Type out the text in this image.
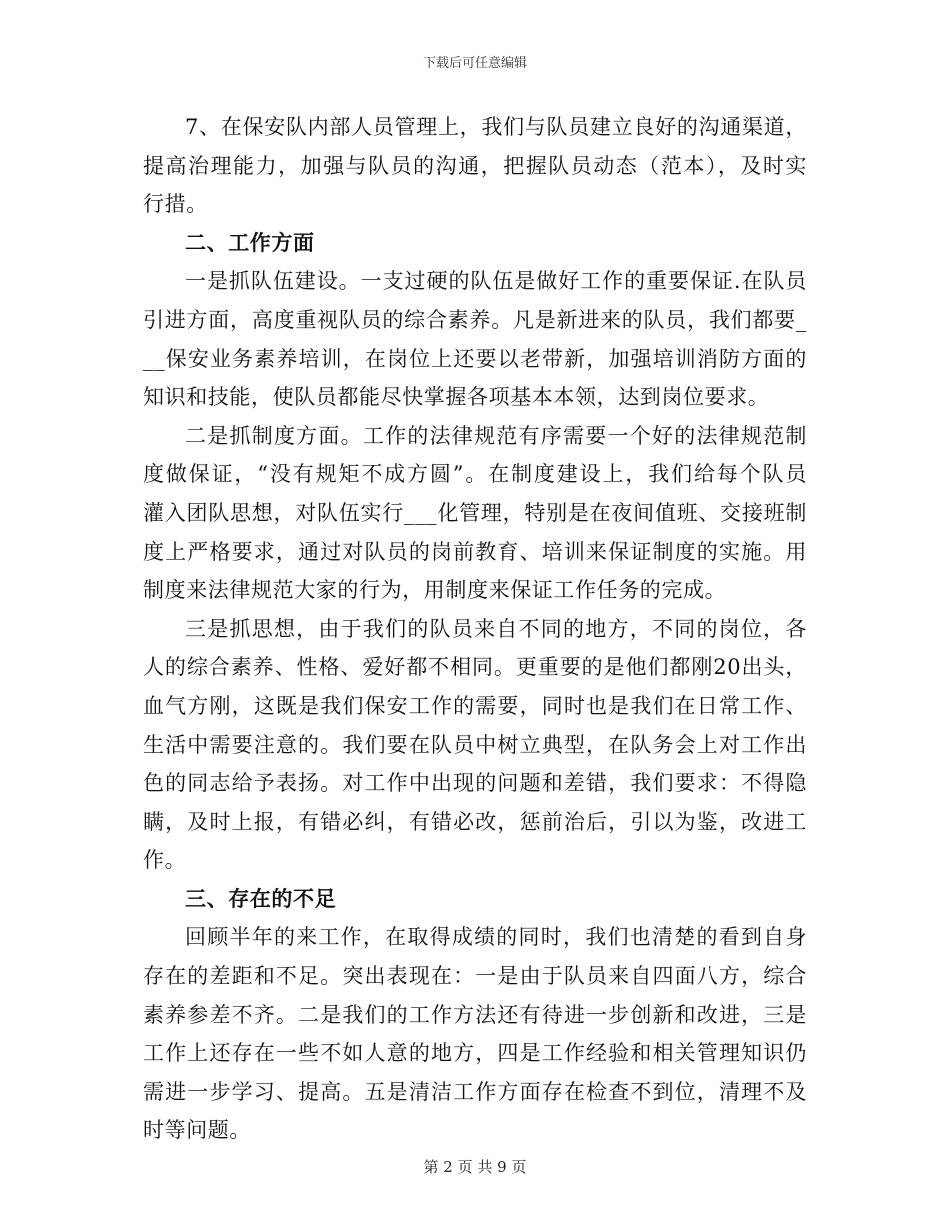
下载后可任意编辑
7、在保安队内部人员管理上，我们与队员建立良好的沟通渠道，
提高治理能力，加强与队员的沟通，把握队员动态（范本），及时实
行措。
二、工作方面
一是抓队伍建设。一支过硬的队伍是做好工作的重要保证.在队员
引进方面，高度重视队员的综合素养。凡是新进来的队员，我们都要_
__保安业务素养培训，在岗位上还要以老带新，加强培训消防方面的
知识和技能，使队员都能尽快掌握各项基本本领，达到岗位要求。
二是抓制度方面。工作的法律规范有序需要一个好的法律规范制
度做保证，“没有规矩不成方圆”。在制度建设上，我们给每个队员
灌入团队思想，对队伍实行___化管理，特别是在夜间值班、交接班制
度上严格要求，通过对队员的岗前教育、培训来保证制度的实施。用
制度来法律规范大家的行为，用制度来保证工作任务的完成。
三是抓思想，由于我们的队员来自不同的地方，不同的岗位，各
人的综合素养、性格、爱好都不相同。更重要的是他们都刚20出头，
血气方刚，这既是我们保安工作的需要，同时也是我们在日常工作、
生活中需要注意的。我们要在队员中树立典型，在队务会上对工作出
色的同志给予表扬。对工作中出现的问题和差错，我们要求：不得隐
瞒，及时上报，有错必纠，有错必改，惩前治后，引以为鉴，改进工
作。
三、存在的不足
回顾半年的来工作，在取得成绩的同时，我们也清楚的看到自身
存在的差距和不足。突出表现在：一是由于队员来自四面八方，综合
素养参差不齐。二是我们的工作方法还有待进一步创新和改进，三是
工作上还存在一些不如人意的地方，四是工作经验和相关管理知识仍
需进一步学习、提高。五是清洁工作方面存在检查不到位，清理不及
时等问题。
第 2 页 共 9 页
